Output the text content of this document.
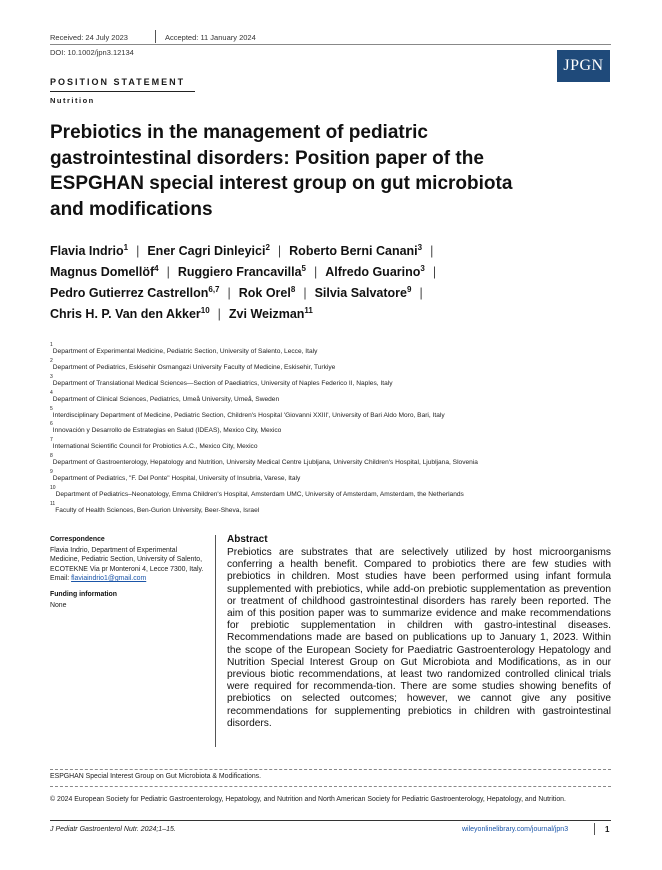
Received: 24 July 2023	Accepted: 11 January 2024
DOI: 10.1002/jpn3.12134
JPGN
POSITION STATEMENT
Nutrition
Prebiotics in the management of pediatric gastrointestinal disorders: Position paper of the ESPGHAN special interest group on gut microbiota and modifications
Flavia Indrio$^1$ | Ener Cagri Dinleyici$^2$ | Roberto Berni Canani$^3$ |
Magnus Domellöf$^4$ | Ruggiero Francavilla$^5$ | Alfredo Guarino$^3$ |
Pedro Gutierrez Castrellon$^{6,7}$ | Rok Orel$^8$ | Silvia Salvatore$^9$ |
Chris H. P. Van den Akker$^{10}$ | Zvi Weizman$^{11}$
$^1$Department of Experimental Medicine, Pediatric Section, University of Salento, Lecce, Italy
$^2$Department of Pediatrics, Eskisehir Osmangazi University Faculty of Medicine, Eskisehir, Turkiye
$^3$Department of Translational Medical Sciences—Section of Paediatrics, University of Naples Federico II, Naples, Italy
$^4$Department of Clinical Sciences, Pediatrics, Umeå University, Umeå, Sweden
$^5$Interdisciplinary Department of Medicine, Pediatric Section, Children's Hospital 'Giovanni XXIII', University of Bari Aldo Moro, Bari, Italy
$^6$Innovación y Desarrollo de Estrategias en Salud (IDEAS), Mexico City, Mexico
$^7$International Scientific Council for Probiotics A.C., Mexico City, Mexico
$^8$Department of Gastroenterology, Hepatology and Nutrition, University Medical Centre Ljubljana, University Children's Hospital, Ljubljana, Slovenia
$^9$Department of Pediatrics, "F. Del Ponte" Hospital, University of Insubria, Varese, Italy
$^{10}$Department of Pediatrics–Neonatology, Emma Children's Hospital, Amsterdam UMC, University of Amsterdam, Amsterdam, the Netherlands
$^{11}$Faculty of Health Sciences, Ben-Gurion University, Beer-Sheva, Israel
Correspondence
Flavia Indrio, Department of Experimental Medicine, Pediatric Section, University of Salento, ECOTEKNE Via pr Monteroni 4, Lecce 7300, Italy.
Email: flaviaindrio1@gmail.com
Funding information
None
Abstract
Prebiotics are substrates that are selectively utilized by host microorganisms conferring a health benefit. Compared to probiotics there are few studies with prebiotics in children. Most studies have been performed using infant formula supplemented with prebiotics, while add-on prebiotic supplementation as prevention or treatment of childhood gastrointestinal disorders has rarely been reported. The aim of this position paper was to summarize evidence and make recommendations for prebiotic supplementation in children with gastro-intestinal diseases. Recommendations made are based on publications up to January 1, 2023. Within the scope of the European Society for Paediatric Gastroenterology Hepatology and Nutrition Special Interest Group on Gut Microbiota and Modifications, as in our previous biotic recommendations, at least two randomized controlled clinical trials were required for recommenda-tion. There are some studies showing benefits of prebiotics on selected outcomes; however, we cannot give any positive recommendations for supplementing prebiotics in children with gastrointestinal disorders.
ESPGHAN Special Interest Group on Gut Microbiota & Modifications.
© 2024 European Society for Pediatric Gastroenterology, Hepatology, and Nutrition and North American Society for Pediatric Gastroenterology, Hepatology, and Nutrition.
J Pediatr Gastroenterol Nutr. 2024;1–15.	wileyonlinelibrary.com/journal/jpn3	1
